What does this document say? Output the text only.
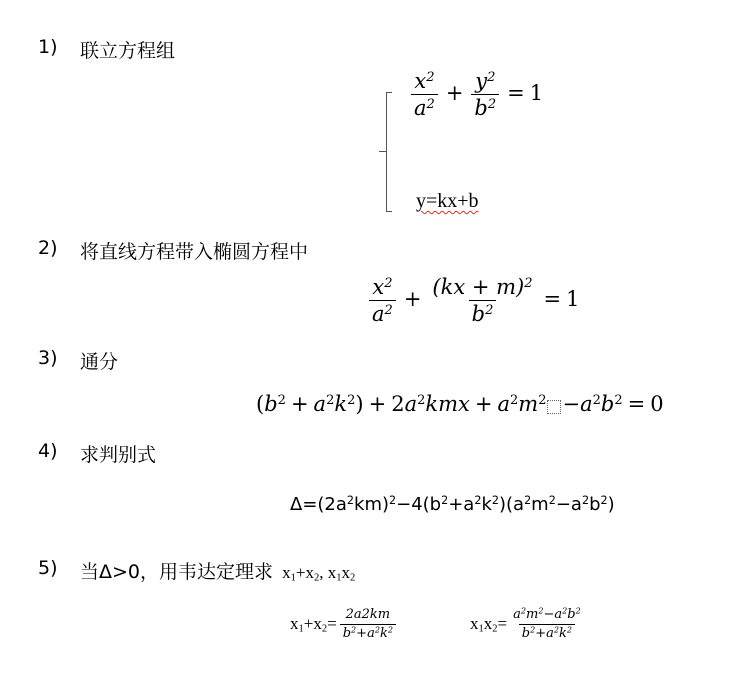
1) 联立方程组
$\frac{x^2}{a^2} + \frac{y^2}{b^2} = 1$
y=kx+b
2) 将直线方程带入椭圆方程中
$\frac{x^2}{a^2} + \frac{(kx + m)^2}{b^2} = 1$
3) 通分
$(b^2 + a^2k^2) + 2a^2kmx + a^2m^2 -a^2b^2 = 0$
4) 求判别式
$\Delta=(2a^2km)^2-4(b^2+a^2k^2)(a^2m^2-a^2b^2)$
5) 当Δ>0，用韦达定理求 $x_1+x_2$, $x_1x_2$
$x_1+x_2= \frac{2a2km}{b^2+a^2k^2}$	$x_1x_2= \frac{a^2m^2-a^2b^2}{b^2+a^2k^2}$
